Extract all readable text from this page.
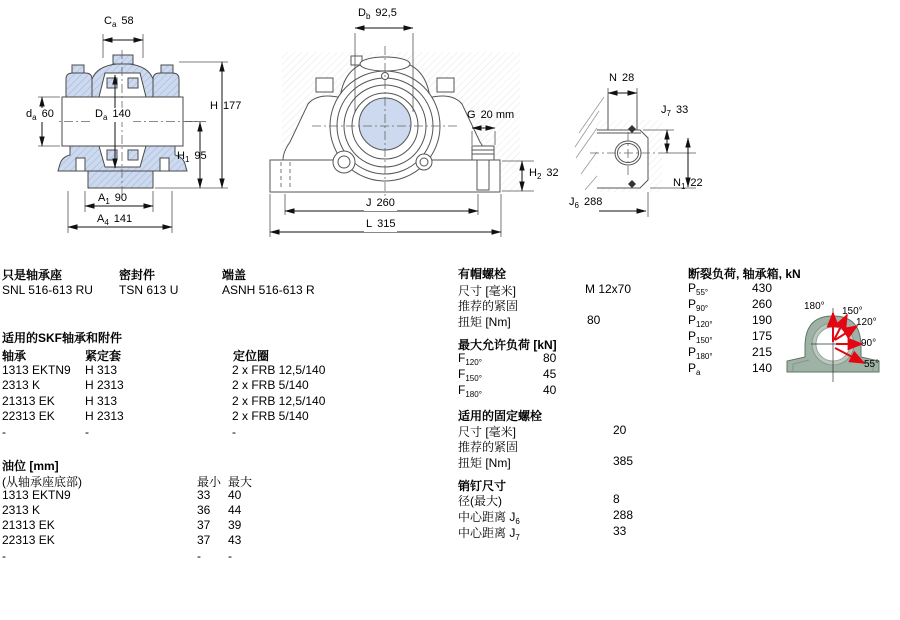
$C_a$ 58
H 177
$d_a$ 60	$D_a$ 140
$H_1$ 95
$A_1$ 90
$A_4$ 141
$D_b$ 92,5
G 20 mm
$H_2$ 32
J 260
L 315
N 28
$J_7$ 33
$N_1$ 22
$J_6$ 288
只是轴承座
SNL 516-613 RU
密封件
TSN 613 U
端盖
ASNH 516-613 R
适用的SKF轴承和附件
轴承	紧定套	定位圈
1313 EKTN9 H 313	2 x FRB 12,5/140
2313 K	H 2313	2 x FRB 5/140
21313 EK	H 313	2 x FRB 12,5/140
22313 EK	H 2313	2 x FRB 5/140
-	-	-
油位 [mm]
(从轴承座底部)	最小 最大
1313 EKTN9	33 40
2313 K	36 44
21313 EK	37 39
22313 EK	37 43
-	- -
有帽螺栓
尺寸 [毫米]	M 12x70
推荐的紧固
扭矩 [Nm]	80
最大允许负荷 [kN]
$F_{120^\circ}$	80
$F_{150^\circ}$	45
$F_{180^\circ}$	40
适用的固定螺栓
尺寸 [毫米]	20
推荐的紧固
扭矩 [Nm]	385
销钉尺寸
径(最大)	8
中心距离 $J_6$	288
中心距离 $J_7$	33
断裂负荷, 轴承箱, kN
$P_{55^\circ}$	430
$P_{90^\circ}$	260
$P_{120^\circ}$	190
$P_{150^\circ}$	175
$P_{180^\circ}$	215
$P_a$	140
180° 150°
120°
90°
55°
